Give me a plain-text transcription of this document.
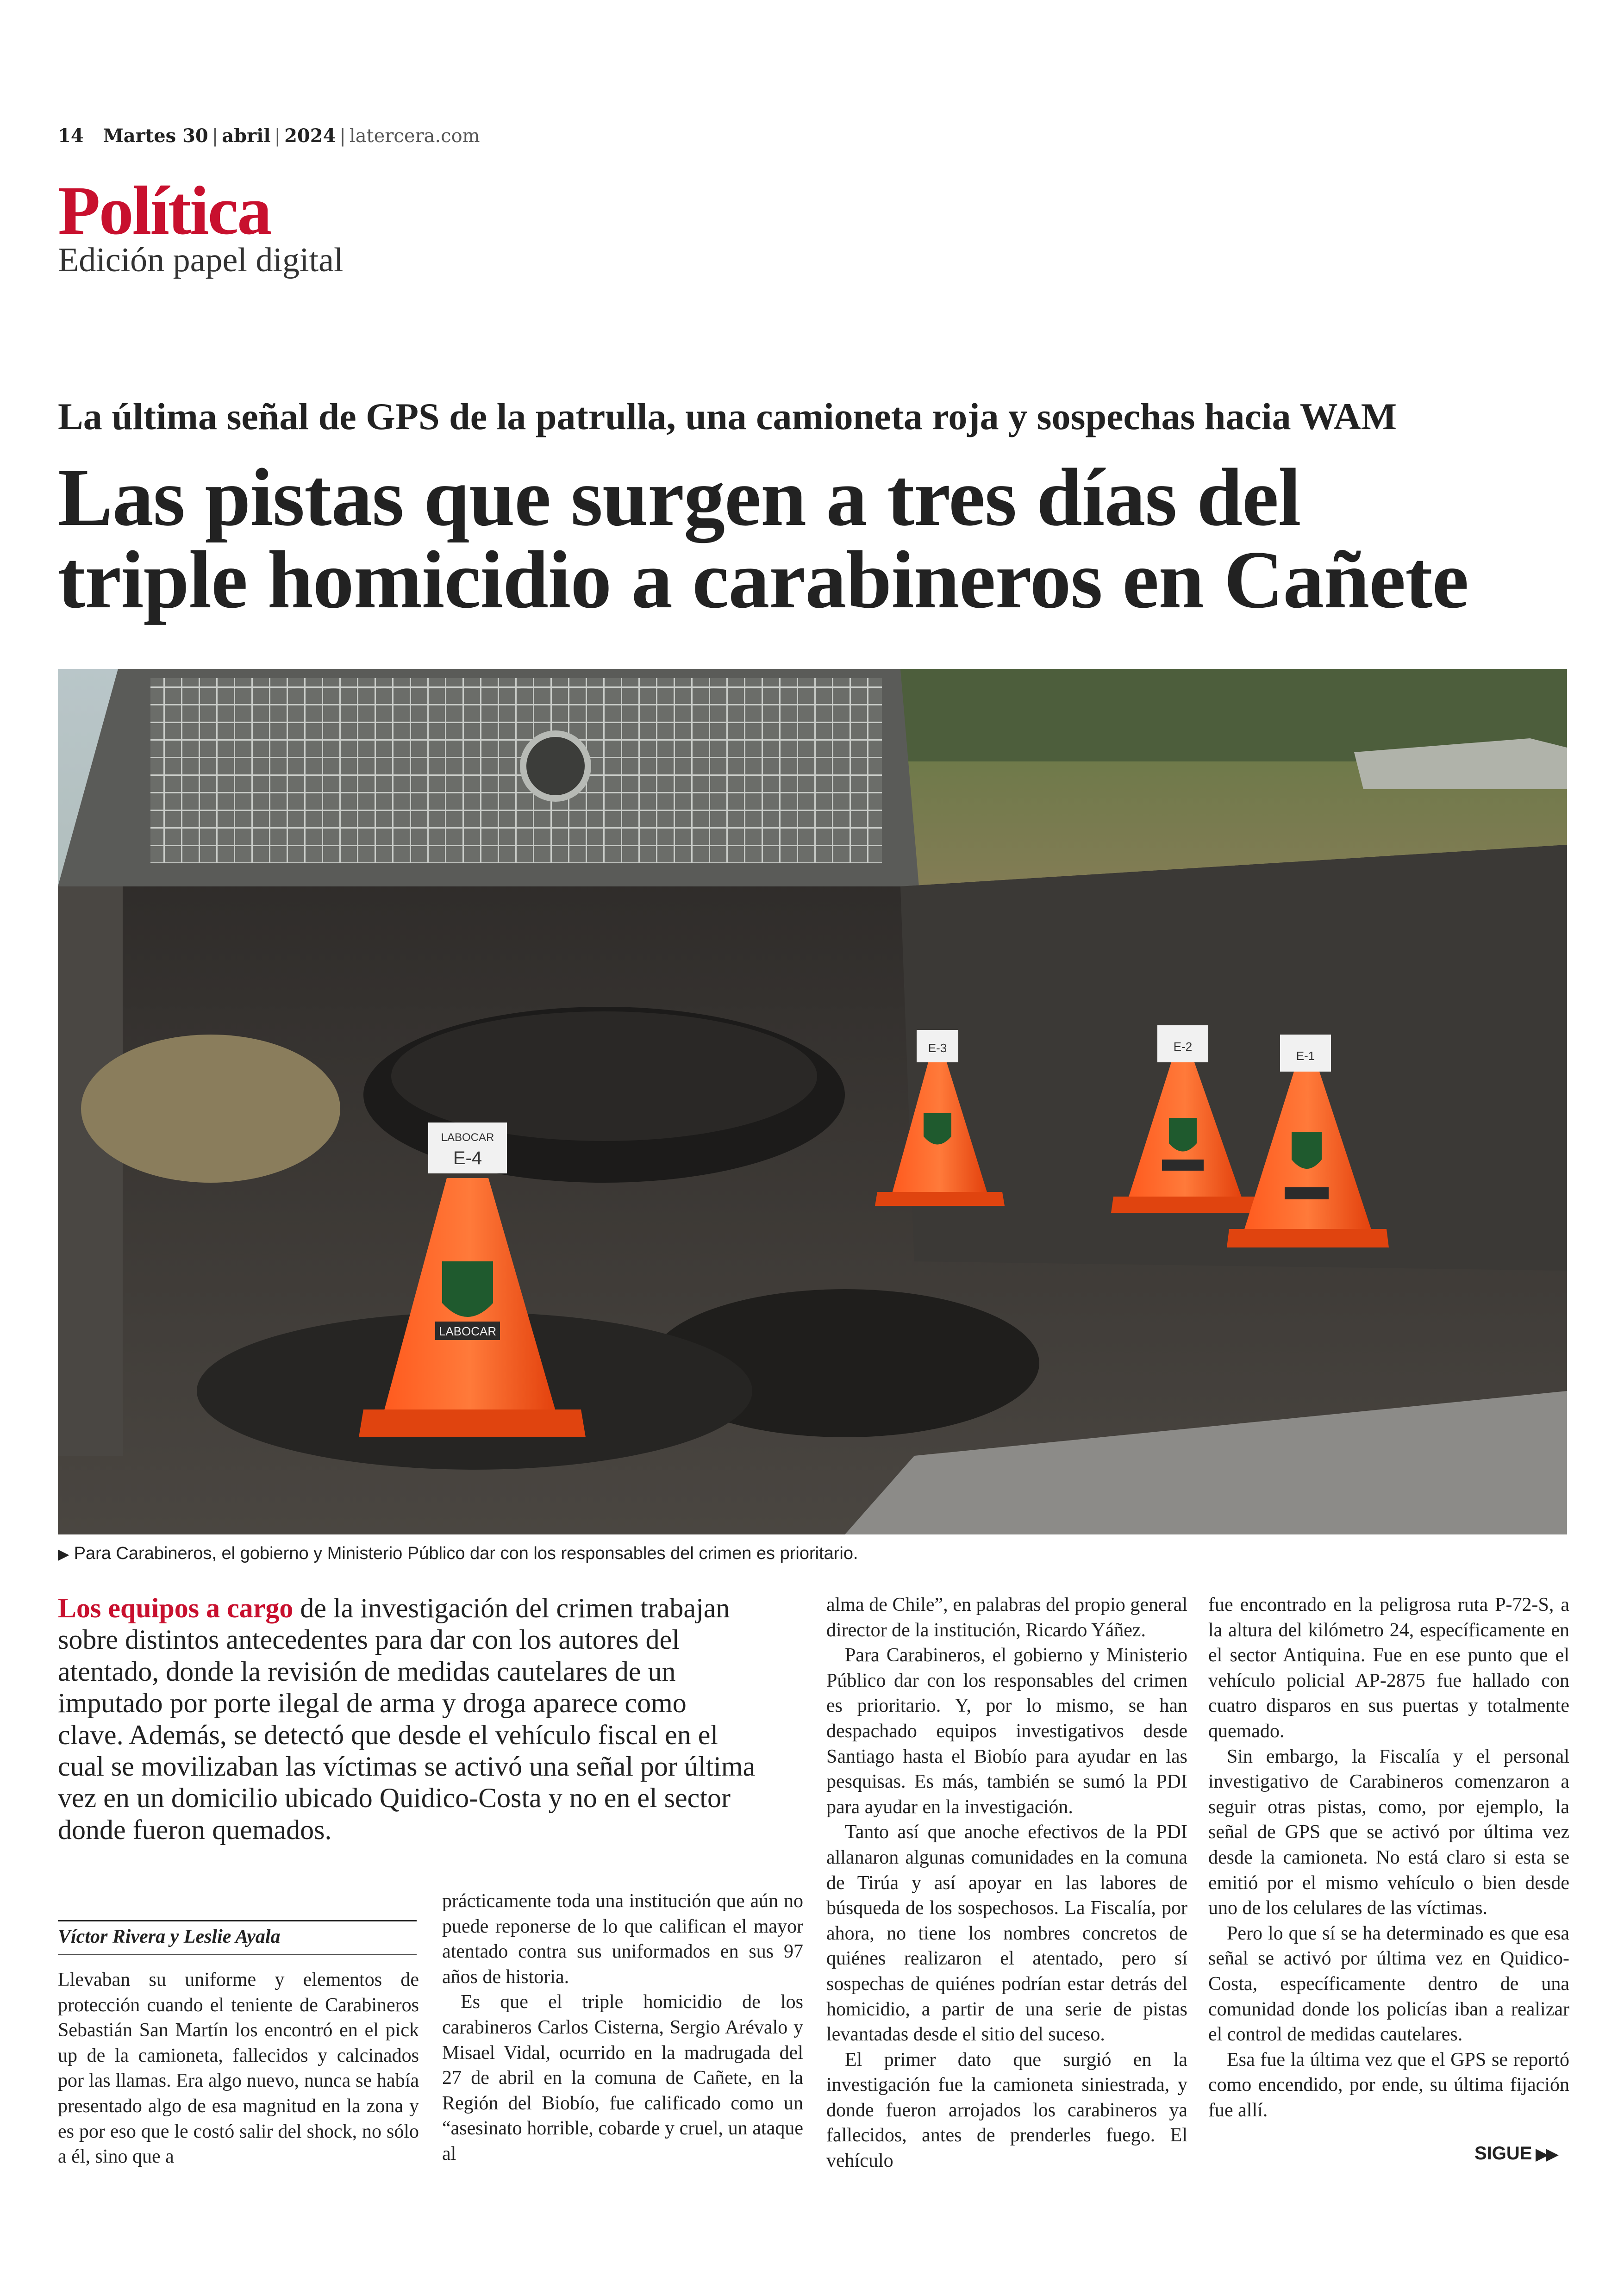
14 Martes 30 | abril | 2024 | latercera.com
Política
Edición papel digital
La última señal de GPS de la patrulla, una camioneta roja y sospechas hacia WAM
Las pistas que surgen a tres días del
triple homicidio a carabineros en Cañete
LABOCAR
E-4
LABOCAR
E-3	E-2
E-1
▶ Para Carabineros, el gobierno y Ministerio Público dar con los responsables del crimen es prioritario.
Los equipos a cargo de la investigación del crimen trabajan sobre distintos antecedentes para dar con los autores del atentado, donde la revisión de medidas cautelares de un imputado por porte ilegal de arma y droga aparece como clave. Además, se detectó que desde el vehículo fiscal en el cual se movilizaban las víctimas se activó una señal por última vez en un domicilio ubicado Quidico-Costa y no en el sector donde fueron quemados.
Víctor Rivera y Leslie Ayala

Llevaban su uniforme y elementos de protección cuando el teniente de Carabineros Sebastián San Martín los encontró en el pick up de la camioneta, fallecidos y calcinados por las llamas. Era algo nuevo, nunca se había presentado algo de esa magnitud en la zona y es por eso que le costó salir del shock, no sólo a él, sino que a

prácticamente toda una institución que aún no puede reponerse de lo que califican el mayor atentado contra sus uniformados en sus 97 años de historia.

Es que el triple homicidio de los carabineros Carlos Cisterna, Sergio Arévalo y Misael Vidal, ocurrido en la madrugada del 27 de abril en la comuna de Cañete, en la Región del Biobío, fue calificado como un “asesinato horrible, cobarde y cruel, un ataque al

alma de Chile”, en palabras del propio general director de la institución, Ricardo Yáñez.

Para Carabineros, el gobierno y Ministerio Público dar con los responsables del crimen es prioritario. Y, por lo mismo, se han despachado equipos investigativos desde Santiago hasta el Biobío para ayudar en las pesquisas. Es más, también se sumó la PDI para ayudar en la investigación.

Tanto así que anoche efectivos de la PDI allanaron algunas comunidades en la comuna de Tirúa y así apoyar en las labores de búsqueda de los sospechosos. La Fiscalía, por ahora, no tiene los nombres concretos de quiénes realizaron el atentado, pero sí sospechas de quiénes podrían estar detrás del homicidio, a partir de una serie de pistas levantadas desde el sitio del suceso.

El primer dato que surgió en la investigación fue la camioneta siniestrada, y donde fueron arrojados los carabineros ya fallecidos, antes de prenderles fuego. El vehículo

fue encontrado en la peligrosa ruta P-72-S, a la altura del kilómetro 24, específicamente en el sector Antiquina. Fue en ese punto que el vehículo policial AP-2875 fue hallado con cuatro disparos en sus puertas y totalmente quemado.

Sin embargo, la Fiscalía y el personal investigativo de Carabineros comenzaron a seguir otras pistas, como, por ejemplo, la señal de GPS que se activó por última vez desde la camioneta. No está claro si esta se emitió por el mismo vehículo o bien desde uno de los celulares de las víctimas.

Pero lo que sí se ha determinado es que esa señal se activó por última vez en Quidico-Costa, específicamente dentro de una comunidad donde los policías iban a realizar el control de medidas cautelares.

Esa fue la última vez que el GPS se reportó como encendido, por ende, su última fijación fue allí.

SIGUE ▶▶
